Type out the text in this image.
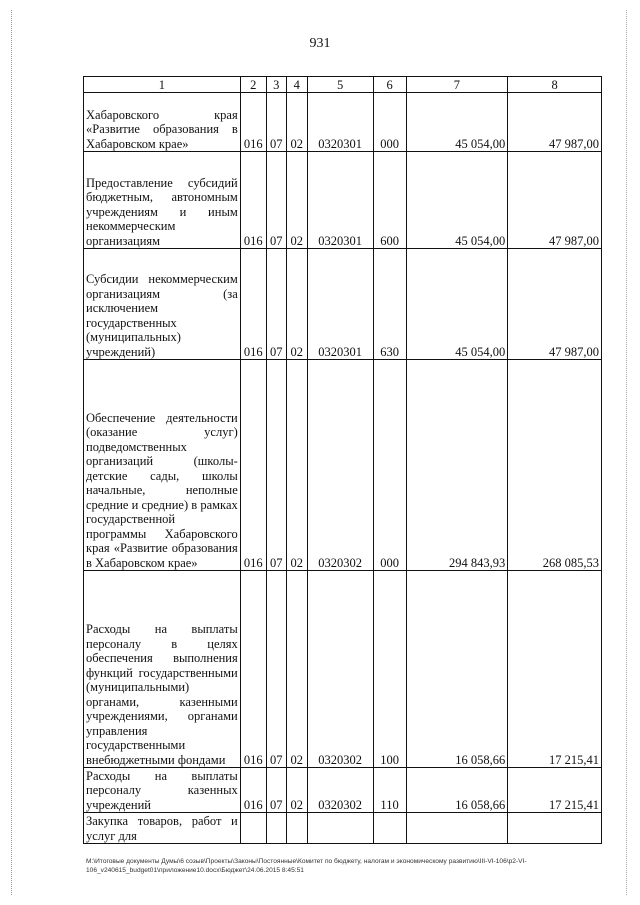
931
1	2	3	4	5	6	7	8
Хабаровского края «Развитие образования в Хабаровском крае»	016	07	02	0320301	000	45 054,00	47 987,00
Предоставление субсидий бюджетным, автономным учреждениям и иным некоммерческим организациям	016	07	02	0320301	600	45 054,00	47 987,00
Субсидии некоммерческим организациям (за исключением государственных (муниципальных) учреждений)	016	07	02	0320301	630	45 054,00	47 987,00
Обеспечение деятельности (оказание услуг) подведомственных организаций (школы-детские сады, школы начальные, неполные средние и средние) в рамках государственной программы Хабаровского края «Развитие образования в Хабаровском крае»	016	07	02	0320302	000	294 843,93	268 085,53
Расходы на выплаты персоналу в целях обеспечения выполнения функций государственными (муниципальными) органами, казенными учреждениями, органами управления государственными внебюджетными фондами	016	07	02	0320302	100	16 058,66	17 215,41
Расходы на выплаты персоналу казенных учреждений	016	07	02	0320302	110	16 058,66	17 215,41
Закупка товаров, работ и услуг для							
M:\Итоговые документы Думы\6 созыв\Проекты\Законы\Постоянные\Комитет по бюджету, налогам и экономическому развитию\III-VI-106\р2-VI-106_v240615_budget01\приложение10.docx\Бюджет\24.06.2015 8:45:51
